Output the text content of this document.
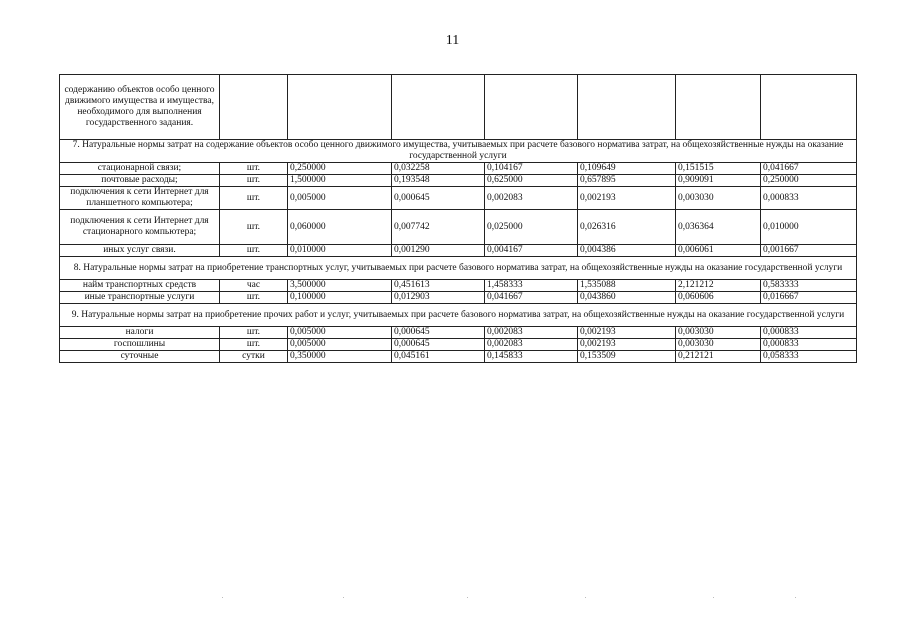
11
содержанию объектов особо ценного движимого имущества и имущества, необходимого для выполнения государственного задания.							
7. Натуральные нормы затрат на содержание объектов особо ценного движимого имущества, учитываемых при расчете базового норматива затрат, на общехозяйственные нужды на оказание государственной услуги							
стационарной связи;	шт.	0,250000	0,032258	0,104167	0,109649	0,151515	0,041667
почтовые расходы;	шт.	1,500000	0,193548	0,625000	0,657895	0,909091	0,250000
подключения к сети Интернет для планшетного компьютера;	шт.	0,005000	0,000645	0,002083	0,002193	0,003030	0,000833
подключения к сети Интернет для стационарного компьютера;	шт.	0,060000	0,007742	0,025000	0,026316	0,036364	0,010000
иных услуг связи.	шт.	0,010000	0,001290	0,004167	0,004386	0,006061	0,001667
8. Натуральные нормы затрат на приобретение транспортных услуг, учитываемых при расчете базового норматива затрат, на общехозяйственные нужды на оказание государственной услуги							
найм транспортных средств	час	3,500000	0,451613	1,458333	1,535088	2,121212	0,583333
иные транспортные услуги	шт.	0,100000	0,012903	0,041667	0,043860	0,060606	0,016667
9. Натуральные нормы затрат на приобретение прочих работ и услуг, учитываемых при расчете базового норматива затрат, на общехозяйственные нужды на оказание государственной услуги							
налоги	шт.	0,005000	0,000645	0,002083	0,002193	0,003030	0,000833
госпошлины	шт.	0,005000	0,000645	0,002083	0,002193	0,003030	0,000833
суточные	сутки	0,350000	0,045161	0,145833	0,153509	0,212121	0,058333
